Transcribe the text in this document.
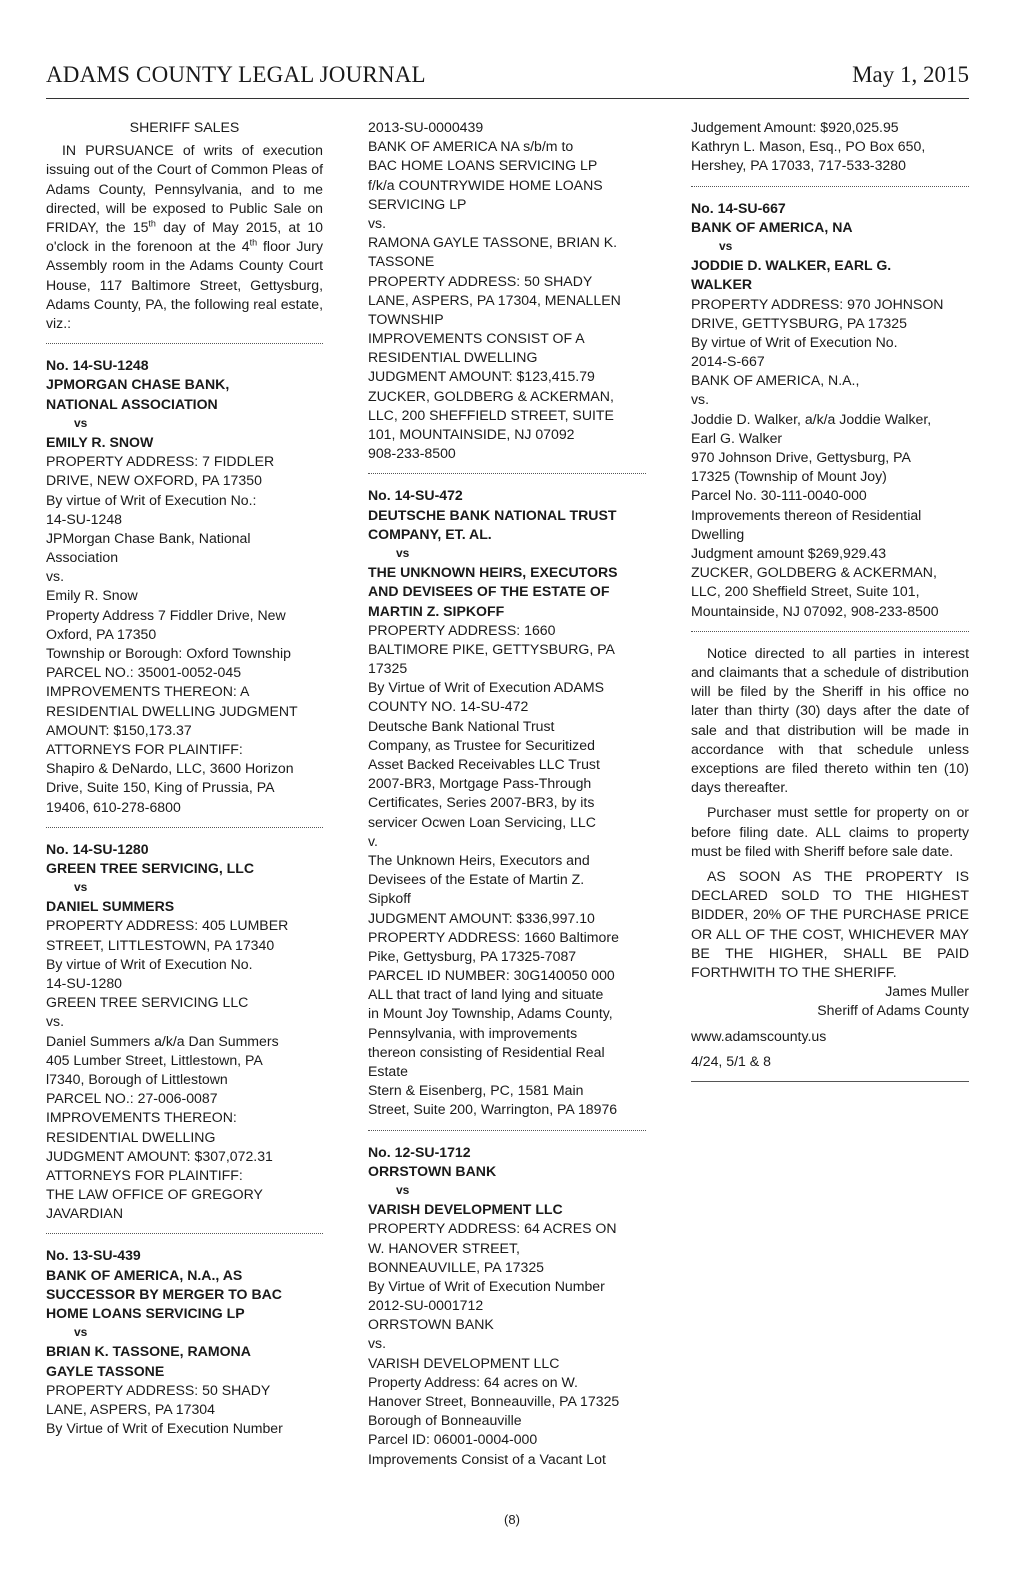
ADAMS COUNTY LEGAL JOURNAL	May 1, 2015
SHERIFF SALES
IN PURSUANCE of writs of execution issuing out of the Court of Common Pleas of Adams County, Pennsylvania, and to me directed, will be exposed to Public Sale on FRIDAY, the 15th day of May 2015, at 10 o'clock in the forenoon at the 4th floor Jury Assembly room in the Adams County Court House, 117 Baltimore Street, Gettysburg, Adams County, PA, the following real estate, viz.:
No. 14-SU-1248
JPMORGAN CHASE BANK,
NATIONAL ASSOCIATION
vs
EMILY R. SNOW
PROPERTY ADDRESS: 7 FIDDLER
DRIVE, NEW OXFORD, PA 17350
By virtue of Writ of Execution No.:
14-SU-1248
JPMorgan Chase Bank, National
Association
vs.
Emily R. Snow
Property Address 7 Fiddler Drive, New
Oxford, PA 17350
Township or Borough: Oxford Township
PARCEL NO.: 35001-0052-045
IMPROVEMENTS THEREON: A
RESIDENTIAL DWELLING JUDGMENT
AMOUNT: $150,173.37
ATTORNEYS FOR PLAINTIFF:
Shapiro & DeNardo, LLC, 3600 Horizon
Drive, Suite 150, King of Prussia, PA
19406, 610-278-6800
No. 14-SU-1280
GREEN TREE SERVICING, LLC
vs
DANIEL SUMMERS
PROPERTY ADDRESS: 405 LUMBER
STREET, LITTLESTOWN, PA 17340
By virtue of Writ of Execution No.
14-SU-1280
GREEN TREE SERVICING LLC
vs.
Daniel Summers a/k/a Dan Summers
405 Lumber Street, Littlestown, PA
l7340, Borough of Littlestown
PARCEL NO.: 27-006-0087
IMPROVEMENTS THEREON:
RESIDENTIAL DWELLING
JUDGMENT AMOUNT: $307,072.31
ATTORNEYS FOR PLAINTIFF:
THE LAW OFFICE OF GREGORY
JAVARDIAN
No. 13-SU-439
BANK OF AMERICA, N.A., AS
SUCCESSOR BY MERGER TO BAC
HOME LOANS SERVICING LP
vs
BRIAN K. TASSONE, RAMONA
GAYLE TASSONE
PROPERTY ADDRESS: 50 SHADY
LANE, ASPERS, PA 17304
By Virtue of Writ of Execution Number
2013-SU-0000439
BANK OF AMERICA NA s/b/m to
BAC HOME LOANS SERVICING LP
f/k/a COUNTRYWIDE HOME LOANS
SERVICING LP
vs.
RAMONA GAYLE TASSONE, BRIAN K.
TASSONE
PROPERTY ADDRESS: 50 SHADY
LANE, ASPERS, PA 17304, MENALLEN
TOWNSHIP
IMPROVEMENTS CONSIST OF A
RESIDENTIAL DWELLING
JUDGMENT AMOUNT: $123,415.79
ZUCKER, GOLDBERG & ACKERMAN,
LLC, 200 SHEFFIELD STREET, SUITE
101, MOUNTAINSIDE, NJ 07092
908-233-8500
No. 14-SU-472
DEUTSCHE BANK NATIONAL TRUST
COMPANY, ET. AL.
vs
THE UNKNOWN HEIRS, EXECUTORS
AND DEVISEES OF THE ESTATE OF
MARTIN Z. SIPKOFF
PROPERTY ADDRESS: 1660
BALTIMORE PIKE, GETTYSBURG, PA
17325
By Virtue of Writ of Execution ADAMS
COUNTY NO. 14-SU-472
Deutsche Bank National Trust
Company, as Trustee for Securitized
Asset Backed Receivables LLC Trust
2007-BR3, Mortgage Pass-Through
Certificates, Series 2007-BR3, by its
servicer Ocwen Loan Servicing, LLC
v.
The Unknown Heirs, Executors and
Devisees of the Estate of Martin Z.
Sipkoff
JUDGMENT AMOUNT: $336,997.10
PROPERTY ADDRESS: 1660 Baltimore
Pike, Gettysburg, PA 17325-7087
PARCEL ID NUMBER: 30G140050 000
ALL that tract of land lying and situate
in Mount Joy Township, Adams County,
Pennsylvania, with improvements
thereon consisting of Residential Real
Estate
Stern & Eisenberg, PC, 1581 Main
Street, Suite 200, Warrington, PA 18976
No. 12-SU-1712
ORRSTOWN BANK
vs
VARISH DEVELOPMENT LLC
PROPERTY ADDRESS: 64 ACRES ON
W. HANOVER STREET,
BONNEAUVILLE, PA 17325
By Virtue of Writ of Execution Number
2012-SU-0001712
ORRSTOWN BANK
vs.
VARISH DEVELOPMENT LLC
Property Address: 64 acres on W.
Hanover Street, Bonneauville, PA 17325
Borough of Bonneauville
Parcel ID: 06001-0004-000
Improvements Consist of a Vacant Lot
Judgement Amount: $920,025.95
Kathryn L. Mason, Esq., PO Box 650,
Hershey, PA 17033, 717-533-3280
No. 14-SU-667
BANK OF AMERICA, NA
vs
JODDIE D. WALKER, EARL G.
WALKER
PROPERTY ADDRESS: 970 JOHNSON
DRIVE, GETTYSBURG, PA 17325
By virtue of Writ of Execution No.
2014-S-667
BANK OF AMERICA, N.A.,
vs.
Joddie D. Walker, a/k/a Joddie Walker,
Earl G. Walker
970 Johnson Drive, Gettysburg, PA
17325 (Township of Mount Joy)
Parcel No. 30-111-0040-000
Improvements thereon of Residential
Dwelling
Judgment amount $269,929.43
ZUCKER, GOLDBERG & ACKERMAN,
LLC, 200 Sheffield Street, Suite 101,
Mountainside, NJ 07092, 908-233-8500
Notice directed to all parties in interest and claimants that a schedule of distribution will be filed by the Sheriff in his office no later than thirty (30) days after the date of sale and that distribution will be made in accordance with that schedule unless exceptions are filed thereto within ten (10) days thereafter.
Purchaser must settle for property on or before filing date. ALL claims to property must be filed with Sheriff before sale date.
AS SOON AS THE PROPERTY IS DECLARED SOLD TO THE HIGHEST BIDDER, 20% OF THE PURCHASE PRICE OR ALL OF THE COST, WHICHEVER MAY BE THE HIGHER, SHALL BE PAID FORTHWITH TO THE SHERIFF.
James Muller
Sheriff of Adams County
www.adamscounty.us
4/24, 5/1 & 8
(8)
